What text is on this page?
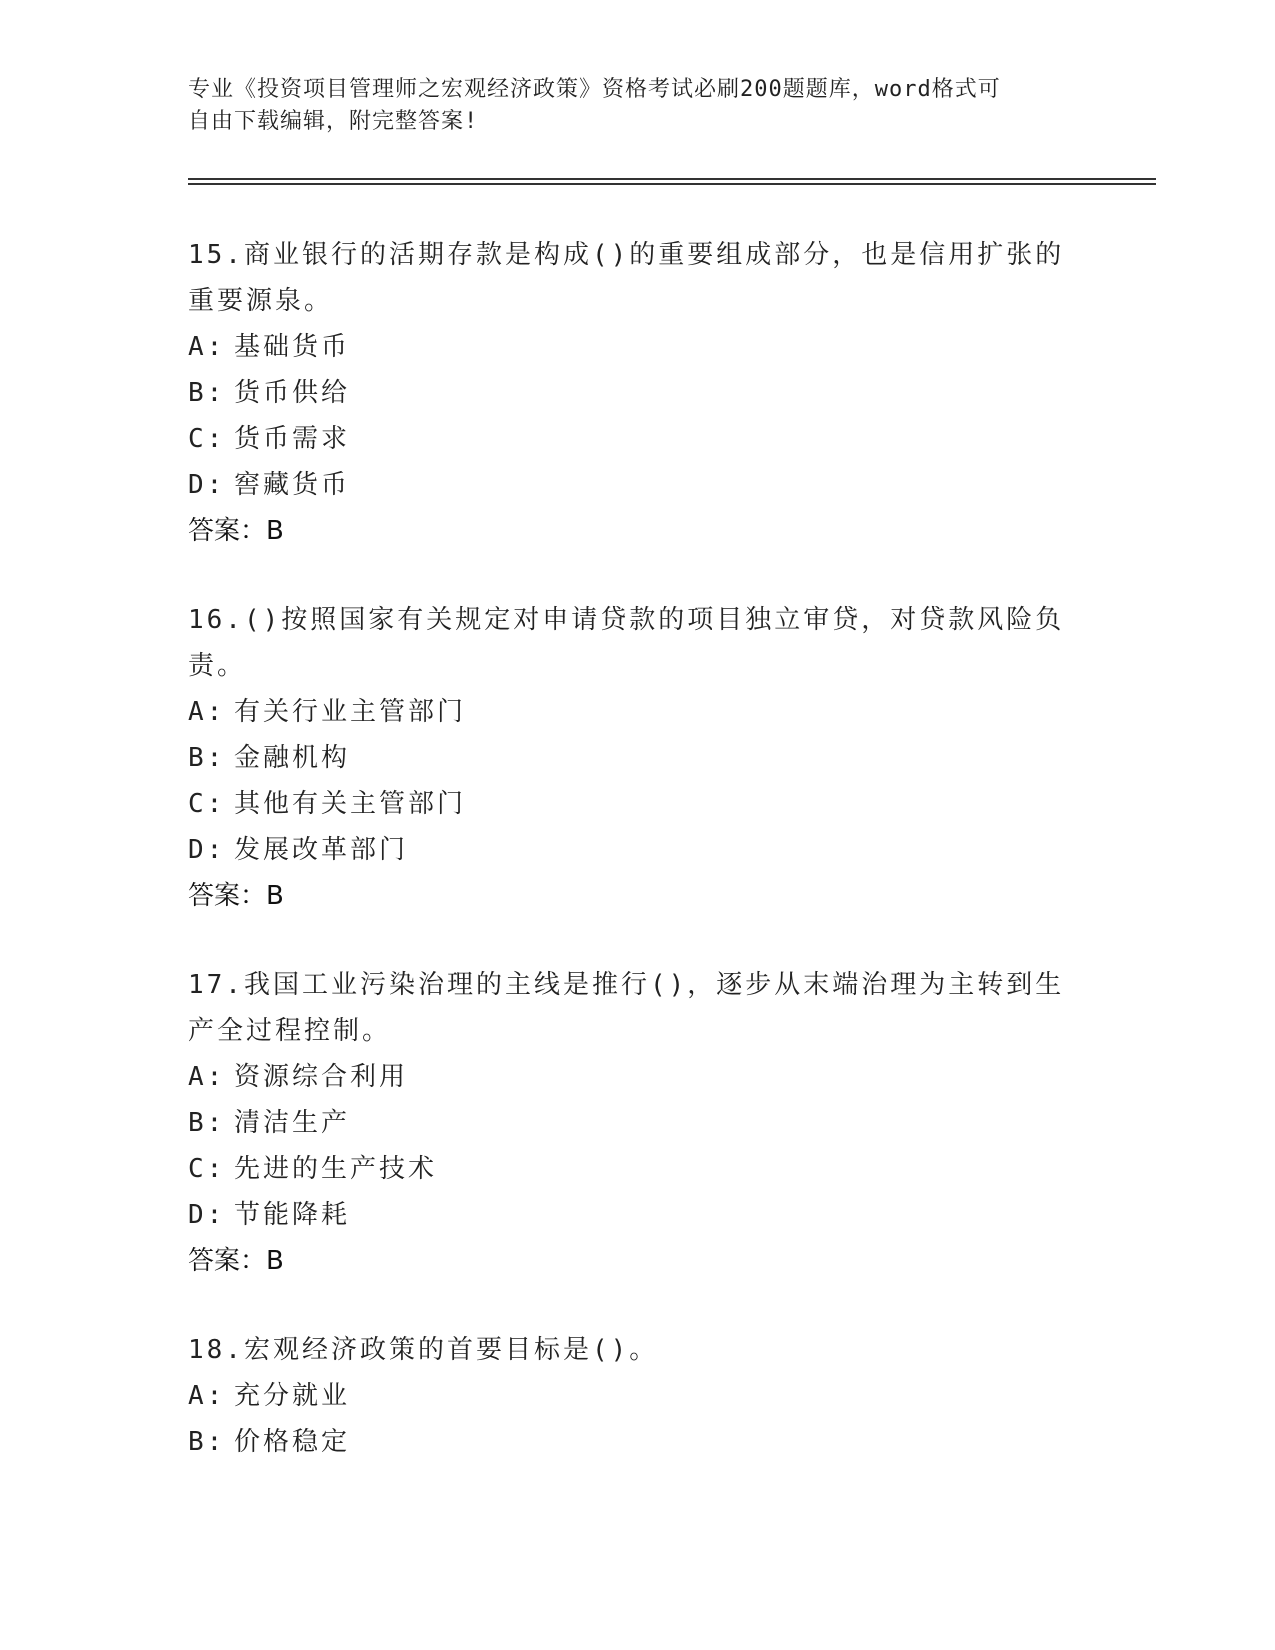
专业《投资项目管理师之宏观经济政策》资格考试必刷200题题库，word格式可
自由下载编辑，附完整答案!
15.商业银行的活期存款是构成()的重要组成部分，也是信用扩张的重要源泉。
A: 基础货币
B: 货币供给
C: 货币需求
D: 窖藏货币
答案：B
16.()按照国家有关规定对申请贷款的项目独立审贷，对贷款风险负责。
A: 有关行业主管部门
B: 金融机构
C: 其他有关主管部门
D: 发展改革部门
答案：B
17.我国工业污染治理的主线是推行()，逐步从末端治理为主转到生产全过程控制。
A: 资源综合利用
B: 清洁生产
C: 先进的生产技术
D: 节能降耗
答案：B
18.宏观经济政策的首要目标是()。
A: 充分就业
B: 价格稳定
